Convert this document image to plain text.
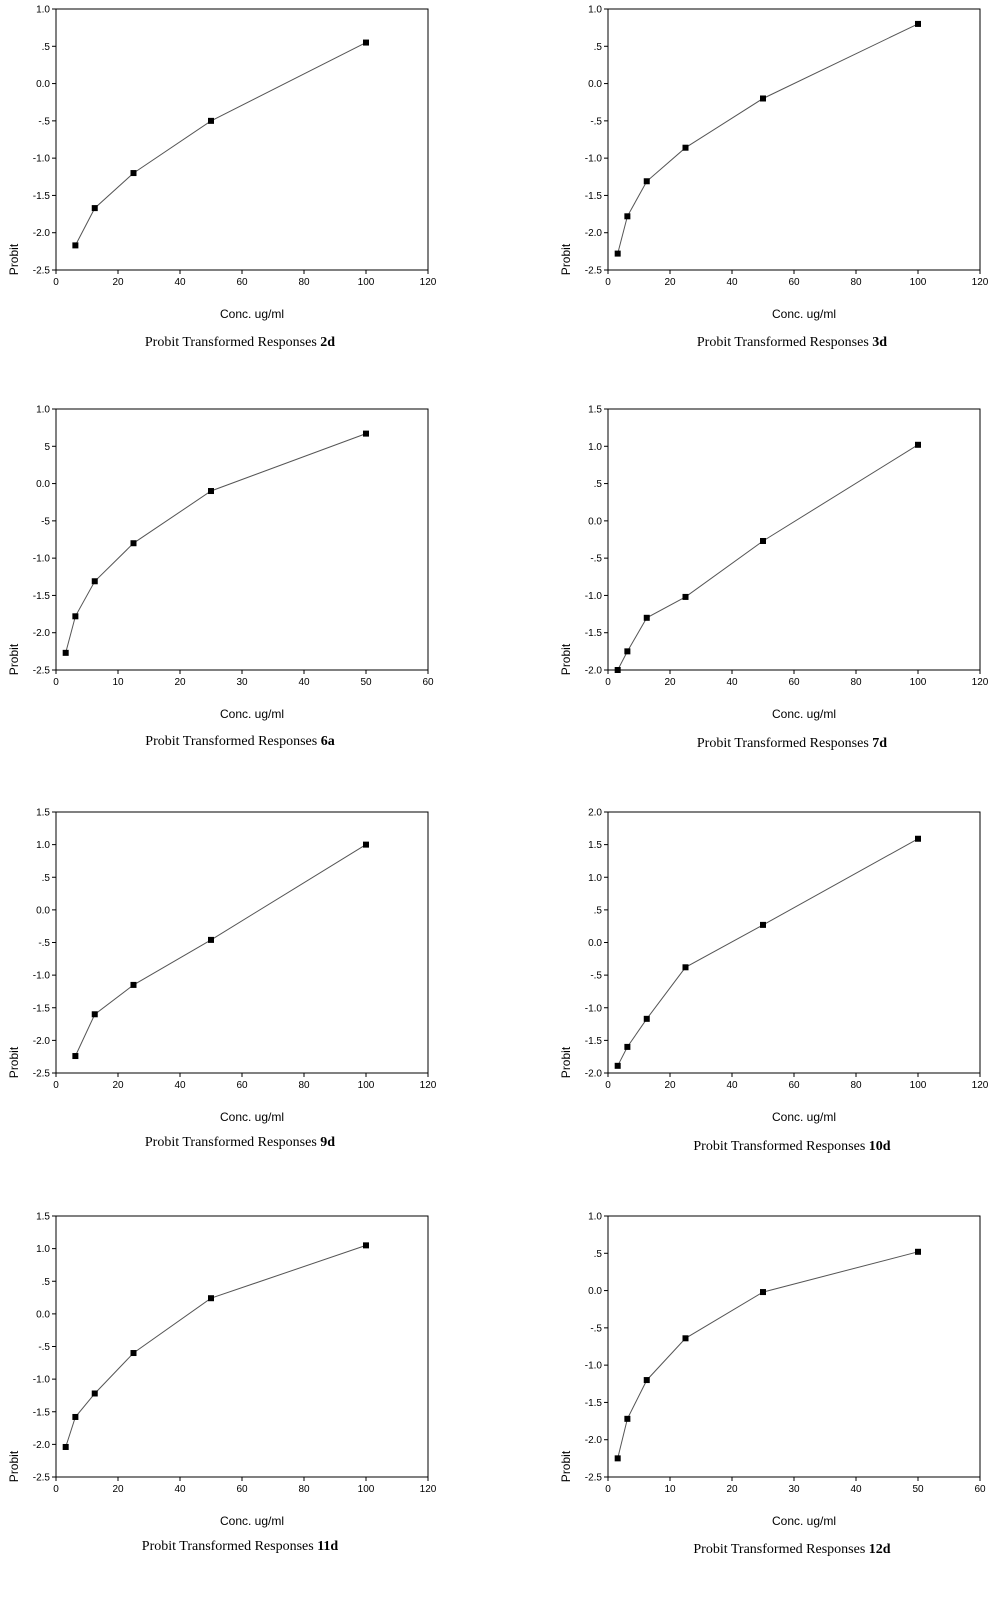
0	20	40	60	80	100	120
1.0
.5
0.0
-.5
-1.0
-1.5
-2.0
-2.5
Conc. ug/ml
Probit
Probit Transformed Responses 2d
0	20	40	60	80	100	120
1.0
.5
0.0
-.5
-1.0
-1.5
-2.0
-2.5
Conc. ug/ml
Probit
Probit Transformed Responses 3d
0	10	20	30	40	50	60
1.0
5
0.0
-5
-1.0
-1.5
-2.0
-2.5
Conc. ug/ml
Probit
Probit Transformed Responses 6a
0	20	40	60	80	100	120
1.5
1.0
.5
0.0
-.5
-1.0
-1.5
-2.0
Conc. ug/ml
Probit
Probit Transformed Responses 7d
0	20	40	60	80	100	120
1.5
1.0
.5
0.0
-.5
-1.0
-1.5
-2.0
-2.5
Conc. ug/ml
Probit
Probit Transformed Responses 9d
0	20	40	60	80	100	120
2.0
1.5
1.0
.5
0.0
-.5
-1.0
-1.5
-2.0
Conc. ug/ml
Probit
Probit Transformed Responses 10d
0	20	40	60	80	100	120
1.5
1.0
.5
0.0
-.5
-1.0
-1.5
-2.0
-2.5
Conc. ug/ml
Probit
Probit Transformed Responses 11d
0	10	20	30	40	50	60
1.0
.5
0.0
-.5
-1.0
-1.5
-2.0
-2.5
Conc. ug/ml
Probit
Probit Transformed Responses 12d
